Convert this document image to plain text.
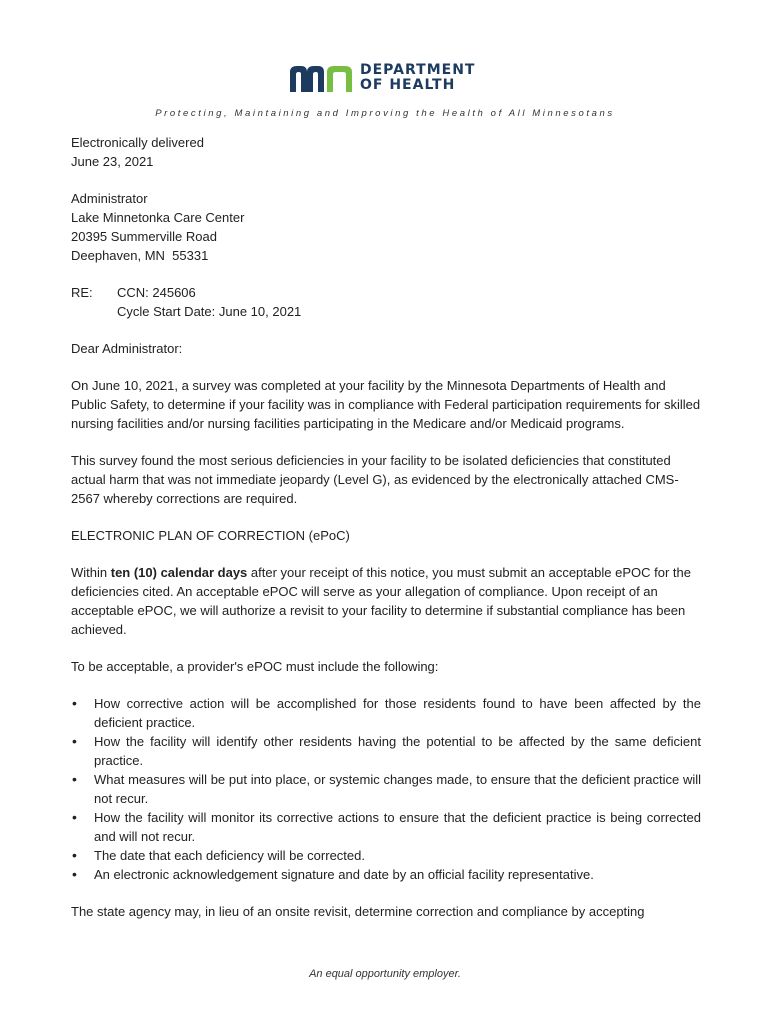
DEPARTMENT
OF HEALTH
Protecting, Maintaining and Improving the Health of All Minnesotans

Electronically delivered

June 23, 2021

Administrator

Lake Minnetonka Care Center

20395 Summerville Road

Deephaven, MN  55331

RE:	CCN: 245606

Cycle Start Date: June 10, 2021

Dear Administrator:

On June 10, 2021, a survey was completed at your facility by the Minnesota Departments of Health and Public Safety, to determine if your facility was in compliance with Federal participation requirements for skilled nursing facilities and/or nursing facilities participating in the Medicare and/or Medicaid programs.

This survey found the most serious deficiencies in your facility to be isolated deficiencies that constituted actual harm that was not immediate jeopardy (Level G), as evidenced by the electronically attached CMS-2567 whereby corrections are required.

ELECTRONIC PLAN OF CORRECTION (ePoC)

Within ten (10) calendar days after your receipt of this notice, you must submit an acceptable ePOC for the deficiencies cited. An acceptable ePOC will serve as your allegation of compliance. Upon receipt of an acceptable ePOC, we will authorize a revisit to your facility to determine if substantial compliance has been achieved.

To be acceptable, a provider's ePOC must include the following:

• How corrective action will be accomplished for those residents found to have been affected by the deficient practice.
• How the facility will identify other residents having the potential to be affected by the same deficient practice.
• What measures will be put into place, or systemic changes made, to ensure that the deficient practice will not recur.
• How the facility will monitor its corrective actions to ensure that the deficient practice is being corrected and will not recur.
• The date that each deficiency will be corrected.
• An electronic acknowledgement signature and date by an official facility representative.

The state agency may, in lieu of an onsite revisit, determine correction and compliance by accepting

An equal opportunity employer.
